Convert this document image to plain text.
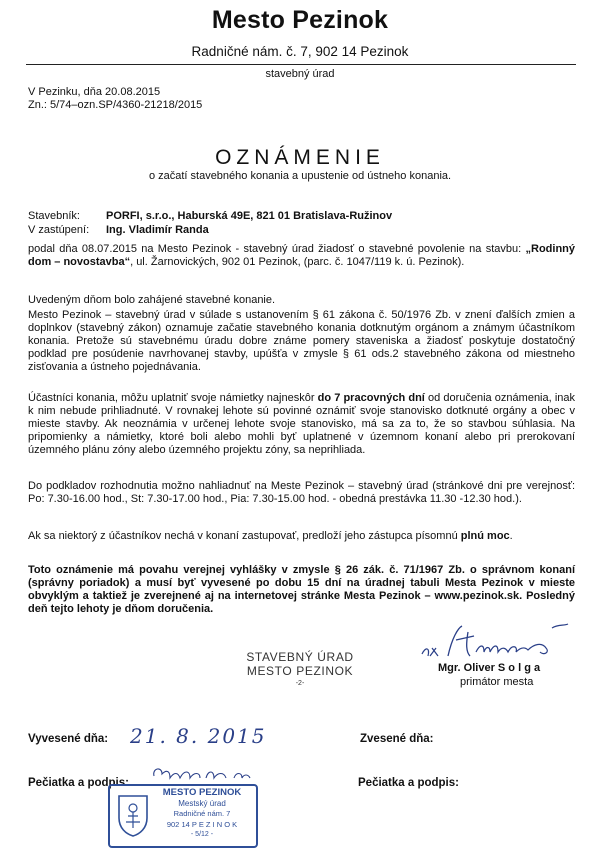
Mesto Pezinok
Radničné nám. č. 7, 902 14 Pezinok
stavebný úrad
V Pezinku, dňa 20.08.2015
Zn.: 5/74–ozn.SP/4360-21218/2015
OZNÁMENIE
o začatí stavebného konania a upustenie od ústneho konania.
Stavebník: PORFI, s.r.o., Haburská 49E, 821 01 Bratislava-Ružinov
V zastúpení: Ing. Vladimír Randa
podal dňa 08.07.2015 na Mesto Pezinok - stavebný úrad žiadosť o stavebné povolenie na stavbu: „Rodinný dom – novostavba“, ul. Žarnovických, 902 01 Pezinok, (parc. č. 1047/119 k. ú. Pezinok).
Uvedeným dňom bolo zahájené stavebné konanie.
Mesto Pezinok – stavebný úrad v súlade s ustanovením § 61 zákona č. 50/1976 Zb. v znení ďalších zmien a doplnkov (stavebný zákon) oznamuje začatie stavebného konania dotknutým orgánom a známym účastníkom konania. Pretože sú stavebnému úradu dobre známe pomery staveniska a žiadosť poskytuje dostatočný podklad pre posúdenie navrhovanej stavby, upúšťa v zmysle § 61 ods.2 stavebného zákona od miestneho zisťovania a ústneho pojednávania.
Účastníci konania, môžu uplatniť svoje námietky najneskôr do 7 pracovných dní od doručenia oznámenia, inak k nim nebude prihliadnuté. V rovnakej lehote sú povinné oznámiť svoje stanovisko dotknuté orgány a obec v mieste stavby. Ak neoznámia v určenej lehote svoje stanovisko, má sa za to, že so stavbou súhlasia. Na pripomienky a námietky, ktoré boli alebo mohli byť uplatnené v územnom konaní alebo pri prerokovaní územného plánu zóny alebo územného projektu zóny, sa neprihliada.
Do podkladov rozhodnutia možno nahliadnuť na Meste Pezinok – stavebný úrad (stránkové dni pre verejnosť: Po: 7.30-16.00 hod., St: 7.30-17.00 hod., Pia: 7.30-15.00 hod. - obedná prestávka 11.30 -12.30 hod.).
Ak sa niektorý z účastníkov nechá v konaní zastupovať, predloží jeho zástupca písomnú plnú moc.
Toto oznámenie má povahu verejnej vyhlášky v zmysle § 26 zák. č. 71/1967 Zb. o správnom konaní (správny poriadok) a musí byť vyvesené po dobu 15 dní na úradnej tabuli Mesta Pezinok v mieste obvyklým a taktiež je zverejnené aj na internetovej stránke Mesta Pezinok – www.pezinok.sk. Posledný deň tejto lehoty je dňom doručenia.
STAVEBNÝ ÚRAD
MESTO PEZINOK
-2-
Mgr. Oliver S o l g a
primátor mesta
Vyvesené dňa: 21. 8. 2015	Zvesené dňa:
Pečiatka a podpis:	Pečiatka a podpis:
MESTO PEZINOK
Mestský úrad
Radničné nám. 7
902 14 P E Z I N O K
- 5/12 -
